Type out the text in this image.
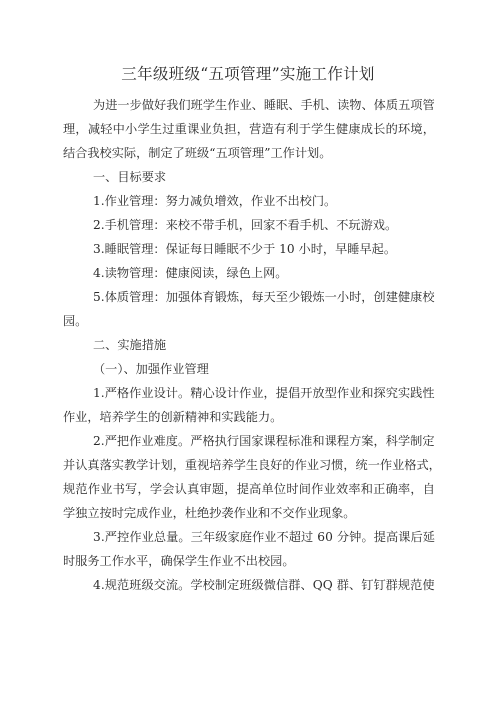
三年级班级“五项管理”实施工作计划
为 进 一 步 做 好 我 们 班 学 生 作 业 、 睡 眠 、 手 机 、 读 物 、 体 质 五 项 管
理 ， 减 轻 中 小 学 生 过 重 课 业 负 担 ， 营 造 有 利 于 学 生 健 康 成 长 的 环 境 ，
结合我校实际，制定了班级“五项管理”工作计划。
一、目标要求
1.作业管理：努力减负增效，作业不出校门。
2.手机管理：来校不带手机，回家不看手机、不玩游戏。
3.睡眠管理：保证每日睡眠不少于 10 小时，早睡早起。
4.读物管理：健康阅读，绿色上网。
5 . 体 质 管 理 ： 加 强 体 育 锻 炼 ， 每 天 至 少 锻 炼 一 小 时 ， 创 建 健 康 校
园。
二、实施措施
（一）、加强作业管理
1 . 严 格 作 业 设 计 。 精 心 设 计 作 业 ， 提 倡 开 放 型 作 业 和 探 究 实 践 性
作业，培养学生的创新精神和实践能力。
2 . 严 把 作 业 难 度 。 严 格 执 行 国 家 课 程 标 准 和 课 程 方 案 ， 科 学 制 定
并 认 真 落 实 教 学 计 划 ， 重 视 培 养 学 生 良 好 的 作 业 习 惯 ， 统 一 作 业 格 式 ，
规 范 作 业 书 写 ， 学 会 认 真 审 题 ， 提 高 单 位 时 间 作 业 效 率 和 正 确 率 ， 自
学独立按时完成作业，杜绝抄袭作业和不交作业现象。
3 . 严 控 作 业 总 量 。 三 年 级 家 庭 作 业 不 超 过
6 0
分 钟 。 提 高 课 后 延
时服务工作水平，确保学生作业不出校园。
4 . 规 范 班 级 交 流 。 学 校 制 定 班 级 微 信 群 、 Q Q
群 、 钉 钉 群 规 范 使
